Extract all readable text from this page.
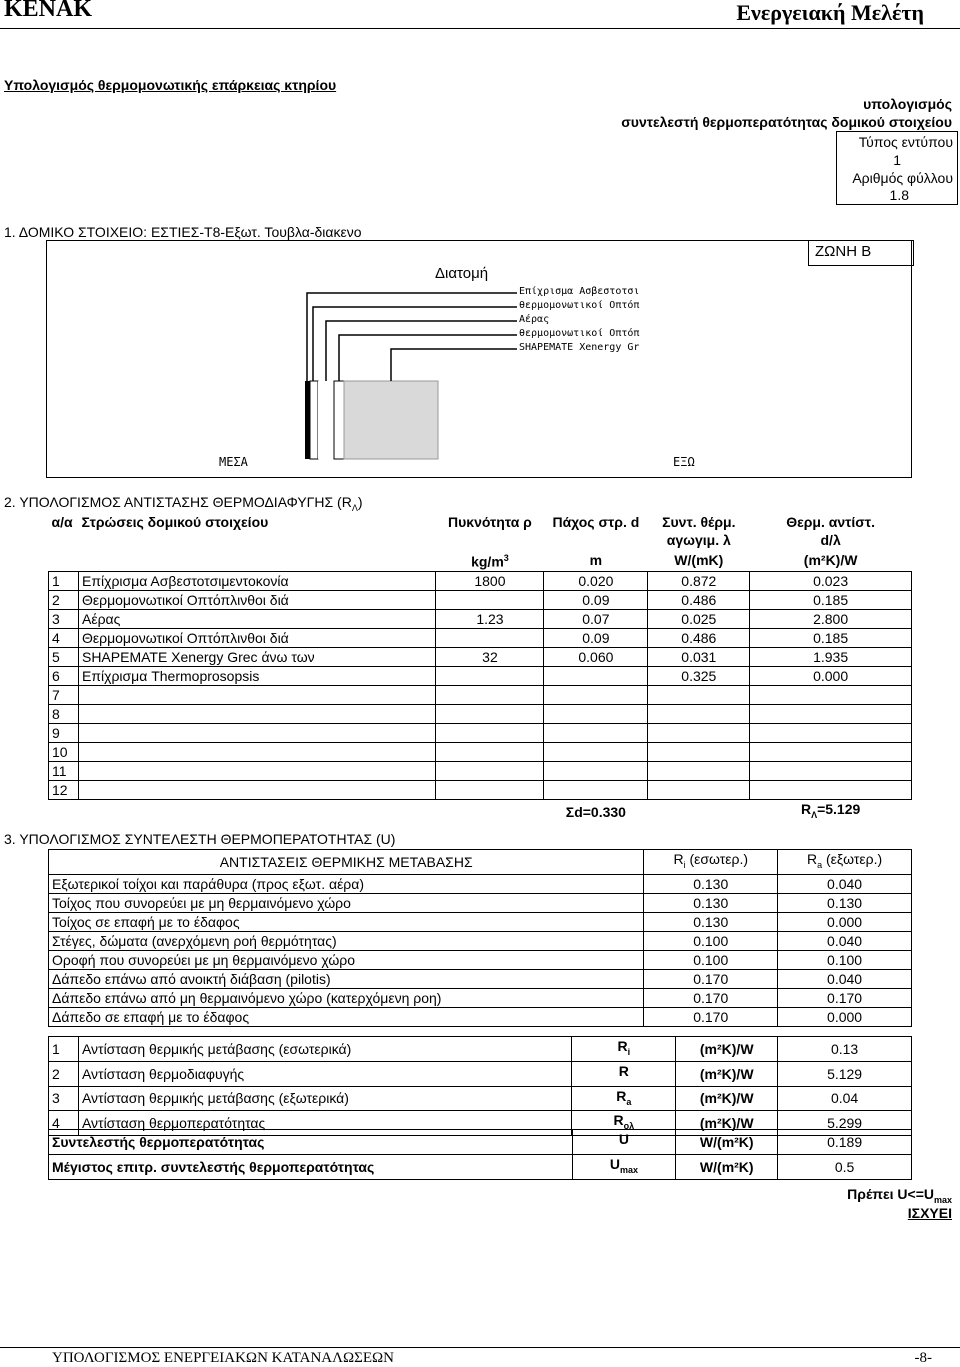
KENAK	Ενεργειακή Μελέτη
Υπολογισμός θερμομονωτικής επάρκειας κτηρίου
υπολογισμός
συντελεστή θερμοπερατότητας δομικού στοιχείου
Τύπος εντύπου
1
Αριθμός φύλλου
1.8
1. ΔΟΜΙΚΟ ΣΤΟΙΧΕΙΟ: ΕΣΤΙΕΣ-Τ8-Εξωτ. Τουβλα-διακενο
ΖΩΝΗ Β
Διατομή
Επίχρισμα Ασβεστοτσι
θερμομονωτικοί Οπτόπ
Αέρας
θερμομονωτικοί Οπτόπ
SHAPEMATE Xenergy Gr
ΜΕΣΑ	ΕΞΩ
2. ΥΠΟΛΟΓΙΣΜΟΣ ΑΝΤΙΣΤΑΣΗΣ ΘΕΡΜΟΔΙΑΦΥΓΗΣ $(R_\Lambda)$
α/α	Στρώσεις δομικού στοιχείου	Πυκνότητα ρ	Πάχος στρ. d	Συντ. θέρμ.	Θερμ. αντίστ.
				αγωγιμ. λ	d/λ
		$kg/m^3$	m	W/(mK)	(m²K)/W
1	Επίχρισμα Ασβεστοτσιμεντοκονία	1800	0.020	0.872	0.023
2	Θερμομονωτικοί Οπτόπλινθοι διά		0.09	0.486	0.185
3	Αέρας	1.23	0.07	0.025	2.800
4	Θερμομονωτικοί Οπτόπλινθοι διά		0.09	0.486	0.185
5	SHAPEMATE Xenergy Grec άνω των	32	0.060	0.031	1.935
6	Επίχρισμα Thermoprosopsis			0.325	0.000
7					
8					
9					
10					
11					
12					
			Σd=0.330		$R_\Lambda=5.129$
3. ΥΠΟΛΟΓΙΣΜΟΣ ΣΥΝΤΕΛΕΣΤΗ ΘΕΡΜΟΠΕΡΑΤΟΤΗΤΑΣ (U)
ΑΝΤΙΣΤΑΣΕΙΣ ΘΕΡΜΙΚΗΣ ΜΕΤΑΒΑΣΗΣ	$R_i$ (εσωτερ.)	$R_a$ (εξωτερ.)
Εξωτερικοί τοίχοι και παράθυρα (προς εξωτ. αέρα)	0.130	0.040
Τοίχος που συνορεύει με μη θερμαινόμενο χώρο	0.130	0.130
Τοίχος σε επαφή με το έδαφος	0.130	0.000
Στέγες, δώματα (ανερχόμενη ροή θερμότητας)	0.100	0.040
Οροφή που συνορεύει με μη θερμαινόμενο χώρο	0.100	0.100
Δάπεδο επάνω από ανοικτή διάβαση (pilotis)	0.170	0.040
Δάπεδο επάνω από μη θερμαινόμενο χώρο (κατερχόμενη ροη)	0.170	0.170
Δάπεδο σε επαφή με το έδαφος	0.170	0.000
1	Αντίσταση θερμικής μετάβασης (εσωτερικά)	$R_i$	(m²K)/W	0.13
2	Αντίσταση θερμοδιαφυγής	R	(m²K)/W	5.129
3	Αντίσταση θερμικής μετάβασης (εξωτερικά)	$R_a$	(m²K)/W	0.04
4	Αντίσταση θερμοπερατότητας	$R_{o\lambda}$	(m²K)/W	5.299
Συντελεστής θερμοπερατότητας	U	W/(m²K)	0.189
Μέγιστος επιτρ. συντελεστής θερμοπερατότητας	$U_{max}$	W/(m²K)	0.5
Πρέπει $U<=U_{max}$
ΙΣΧΥΕΙ
ΥΠΟΛΟΓΙΣΜΟΣ ΕΝΕΡΓΕΙΑΚΩΝ ΚΑΤΑΝΑΛΩΣΕΩΝ	-8-
